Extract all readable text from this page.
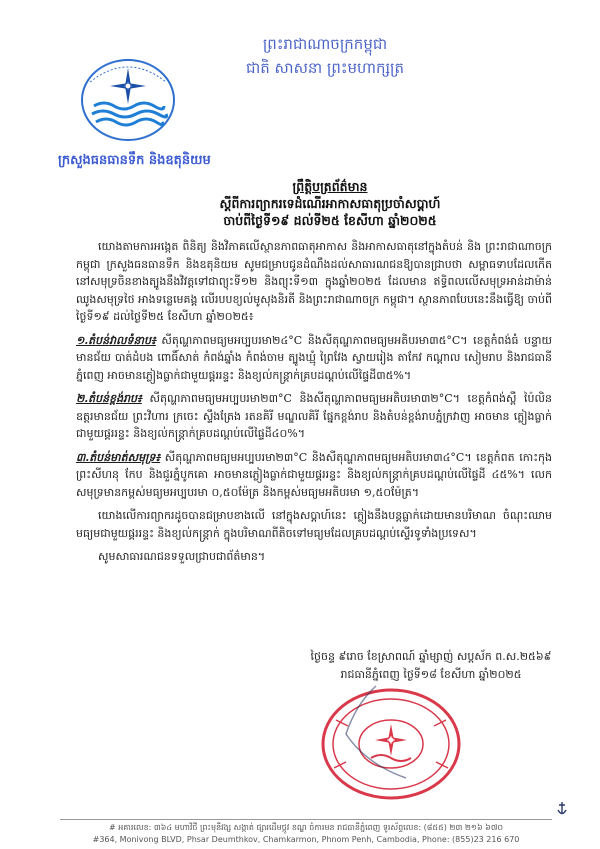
ព្រះរាជាណាចក្រកម្ពុជា
ជាតិ សាសនា ព្រះមហាក្សត្រ
ក្រសួងធនធានទឹក និងឧតុនិយម
ព្រឹត្តិបត្រព័ត៌មាន
ស្តីពីការព្យាករទេដំណើរអាកាសធាតុប្រចាំសប្ដាហ៍
ចាប់ពីថ្ងៃទី១៩ ដល់ទី២៥ ខែសីហា ឆ្នាំ២០២៥

យោងតាមការអង្កេត ពិនិត្យ និងវិភាគលើស្ថានភាពធាតុអាកាស និងអាកាសធាតុនៅក្នុងតំបន់ និង ព្រះរាជាណាចក្រកម្ពុជា ក្រសួងធនធានទឹក និងឧតុនិយម សូមជម្រាបជូនដំណឹងដល់សាធារណជនឱ្យបានជ្រាបថា សម្ពាធទាបដែលកើតនៅសមុទ្រចិនខាងត្បូងនឹងវិវត្តទៅជាព្យុះទី១២ និងព្យុះទី១៣ ក្នុងឆ្នាំ២០២៥ ដែលមាន ឥទ្ធិពលលើសមុទ្រអាន់ដាម៉ាន់ ឈូងសមុទ្រថៃ អាងទន្លេមេគង្គ លើរបបខ្យល់មូសុងនិរតី និងព្រះរាជាណាចក្រ កម្ពុជា។ ស្ថានភាពបែបនេះនឹងធ្វើឱ្យ ចាប់ពីថ្ងៃទី១៩ ដល់ថ្ងៃទី២៥ ខែសីហា ឆ្នាំ២០២៥៖

១.តំបន់វាលទំនាប៖ សីតុណ្ហភាពមធ្យមអប្បបរមា២៤°C និងសីតុណ្ហភាពមធ្យមអតិបរមា៣៥°C។ ខេត្តកំពង់ធំ បន្ទាយមានជ័យ បាត់ដំបង ពោធិ៍សាត់ កំពង់ឆ្នាំង កំពង់ចាម ត្បូងឃ្មុំ ព្រៃវែង ស្វាយរៀង តាកែវ កណ្ដាល សៀមរាប និងរាជធានីភ្នំពេញ អាចមានភ្លៀងធ្លាក់ជាមួយផ្គររន្ទះ និងខ្យល់កន្ត្រាក់គ្របដណ្ដប់លើផ្ទៃដី៣៥%។

២.តំបន់ខ្ពង់រាប៖ សីតុណ្ហភាពមធ្យមអប្បបរមា២៣°C និងសីតុណ្ហភាពមធ្យមអតិបរមា៣២°C។ ខេត្តកំពង់ស្ពឺ ប៉ៃលិន ឧត្ដរមានជ័យ ព្រះវិហារ ក្រចេះ ស្ទឹងត្រែង រតនគិរី មណ្ឌលគិរី ផ្នែកខ្ពង់រាប និងតំបន់ខ្ពង់រាបភ្នំក្រវាញ អាចមាន ភ្លៀងធ្លាក់ជាមួយផ្គររន្ទះ និងខ្យល់កន្ត្រាក់គ្របដណ្ដប់លើផ្ទៃដី៤០%។

៣.តំបន់មាត់សមុទ្រ៖ សីតុណ្ហភាពមធ្យមអប្បបរមា២៣°C និងសីតុណ្ហភាពមធ្យមអតិបរមា៣៤°C។ ខេត្តកំពត កោះកុង ព្រះសីហនុ កែប និងជួរភ្នំបូកគោ អាចមានភ្លៀងធ្លាក់ជាមួយផ្គររន្ទះ និងខ្យល់កន្ត្រាក់គ្របដណ្ដប់លើផ្ទៃដី ៤៥%។ លេកសមុទ្រមានកម្ពស់មធ្យមអប្បបរមា ០,៥០ម៉ែត្រ និងកម្ពស់មធ្យមអតិបរមា ១,៥០ម៉ែត្រ។

យោងលើការព្យាករដូចបានជម្រាបខាងលើ នៅក្នុងសប្តាហ៍នេះ ភ្លៀងនឹងបន្តធ្លាក់ដោយមានបរិមាណ ចំណុះឈាមមធ្យមជាមួយផ្គររន្ទះ និងខ្យល់កន្ត្រាក់ ក្នុងបរិមាណពីតិចទៅមធ្យមដែលគ្របដណ្ដប់ស្ទើរទូទាំងប្រទេស។

សូមសាធារណជនទទួលជ្រាបជាព័ត៌មាន។

ថ្ងៃចន្ទ ៩រោច ខែស្រាពណ៍ ឆ្នាំម្សាញ់ សប្តស័ក ព.ស.២៥៦៩
រាជធានីភ្នំពេញ ថ្ងៃទី១៨ ខែសីហា ឆ្នាំ២០២៥
# អគារលេខ: ៣៦៤ មហាវិថី ព្រះមុនីវង្ស សង្កាត់ ផ្សារដើមថ្កូវ ខណ្ឌ ចំការមន រាជធានីភ្នំពេញ ទូរស័ព្ទលេខ: (៨៥៥) ២៣ ២១៦ ៦៧០
#364, Monivong BLVD, Phsar Deumthkov, Chamkarmon, Phnom Penh, Cambodia, Phone: (855)23 216 670
